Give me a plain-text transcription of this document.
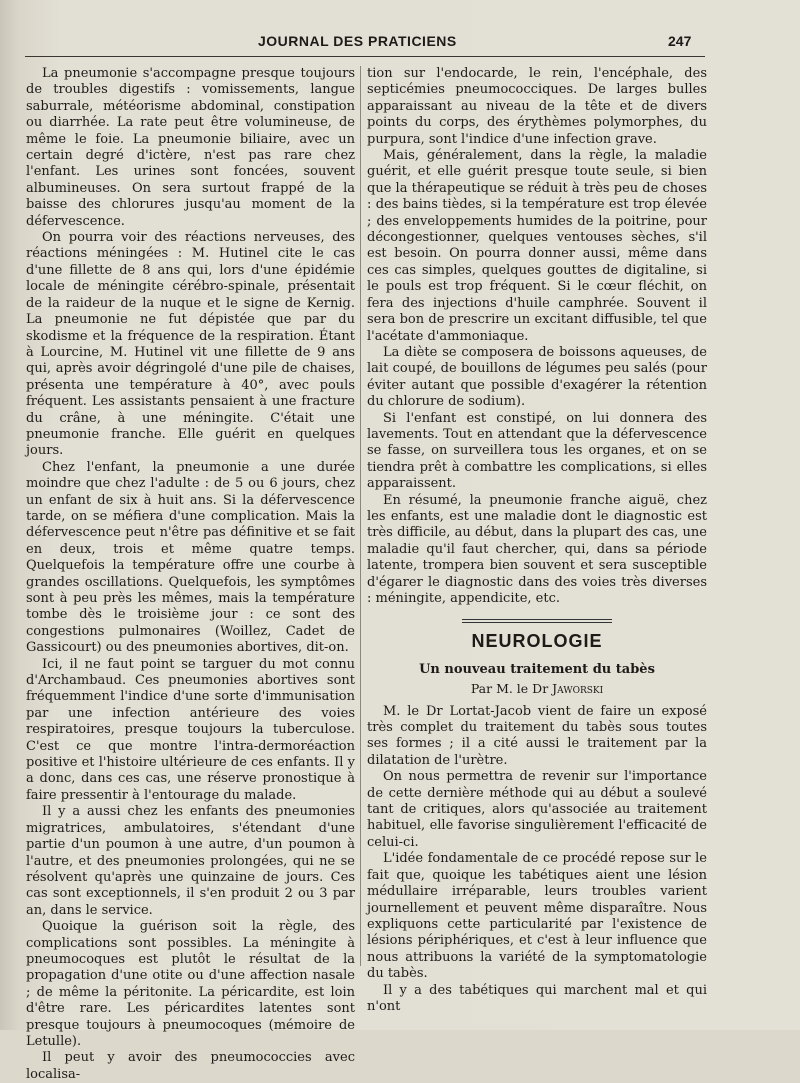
JOURNAL DES PRATICIENS	247

La pneumonie s'accompagne presque toujours de troubles digestifs : vomissements, langue saburrale, météorisme abdominal, constipation ou diarrhée. La rate peut être volumineuse, de même le foie. La pneumonie biliaire, avec un certain degré d'ictère, n'est pas rare chez l'enfant. Les urines sont foncées, souvent albumineuses. On sera surtout frappé de la baisse des chlorures jusqu'au moment de la défervescence.

On pourra voir des réactions nerveuses, des réactions méningées : M. Hutinel cite le cas d'une fillette de 8 ans qui, lors d'une épidémie locale de méningite cérébro-spinale, présentait de la raideur de la nuque et le signe de Kernig. La pneumonie ne fut dépistée que par du skodisme et la fréquence de la respiration. Étant à Lourcine, M. Hutinel vit une fillette de 9 ans qui, après avoir dégringolé d'une pile de chaises, présenta une température à 40°, avec pouls fréquent. Les assistants pensaient à une fracture du crâne, à une méningite. C'était une pneumonie franche. Elle guérit en quelques jours.

Chez l'enfant, la pneumonie a une durée moindre que chez l'adulte : de 5 ou 6 jours, chez un enfant de six à huit ans. Si la défervescence tarde, on se méfiera d'une complication. Mais la défervescence peut n'être pas définitive et se fait en deux, trois et même quatre temps. Quelquefois la température offre une courbe à grandes oscillations. Quelquefois, les symptômes sont à peu près les mêmes, mais la température tombe dès le troisième jour : ce sont des congestions pulmonaires (Woillez, Cadet de Gassicourt) ou des pneumonies abortives, dit-on.

Ici, il ne faut point se targuer du mot connu d'Archambaud. Ces pneumonies abortives sont fréquemment l'indice d'une sorte d'immunisation par une infection antérieure des voies respiratoires, presque toujours la tuberculose. C'est ce que montre l'intra-dermoréaction positive et l'histoire ultérieure de ces enfants. Il y a donc, dans ces cas, une réserve pronostique à faire pressentir à l'entourage du malade.

Il y a aussi chez les enfants des pneumonies migratrices, ambulatoires, s'étendant d'une partie d'un poumon à une autre, d'un poumon à l'autre, et des pneumonies prolongées, qui ne se résolvent qu'après une quinzaine de jours. Ces cas sont exceptionnels, il s'en produit 2 ou 3 par an, dans le service.

Quoique la guérison soit la règle, des complications sont possibles. La méningite à pneumocoques est plutôt le résultat de la propagation d'une otite ou d'une affection nasale ; de même la péritonite. La péricardite, est loin d'être rare. Les péricardites latentes sont presque toujours à pneumocoques (mémoire de Letulle).

Il peut y avoir des pneumococcies avec localisa-

tion sur l'endocarde, le rein, l'encéphale, des septicémies pneumococciques. De larges bulles apparaissant au niveau de la tête et de divers points du corps, des érythèmes polymorphes, du purpura, sont l'indice d'une infection grave.

Mais, généralement, dans la règle, la maladie guérit, et elle guérit presque toute seule, si bien que la thérapeutique se réduit à très peu de choses : des bains tièdes, si la température est trop élevée ; des enveloppements humides de la poitrine, pour décongestionner, quelques ventouses sèches, s'il est besoin. On pourra donner aussi, même dans ces cas simples, quelques gouttes de digitaline, si le pouls est trop fréquent. Si le cœur fléchit, on fera des injections d'huile camphrée. Souvent il sera bon de prescrire un excitant diffusible, tel que l'acétate d'ammoniaque.

La diète se composera de boissons aqueuses, de lait coupé, de bouillons de légumes peu salés (pour éviter autant que possible d'exagérer la rétention du chlorure de sodium).

Si l'enfant est constipé, on lui donnera des lavements. Tout en attendant que la défervescence se fasse, on surveillera tous les organes, et on se tiendra prêt à combattre les complications, si elles apparaissent.

En résumé, la pneumonie franche aiguë, chez les enfants, est une maladie dont le diagnostic est très difficile, au début, dans la plupart des cas, une maladie qu'il faut chercher, qui, dans sa période latente, trompera bien souvent et sera susceptible d'égarer le diagnostic dans des voies très diverses : méningite, appendicite, etc.

NEUROLOGIE
Un nouveau traitement du tabès
Par M. le Dr Jaworski

M. le Dr Lortat-Jacob vient de faire un exposé très complet du traitement du tabès sous toutes ses formes ; il a cité aussi le traitement par la dilatation de l'urètre.

On nous permettra de revenir sur l'importance de cette dernière méthode qui au début a soulevé tant de critiques, alors qu'associée au traitement habituel, elle favorise singulièrement l'efficacité de celui-ci.

L'idée fondamentale de ce procédé repose sur le fait que, quoique les tabétiques aient une lésion médullaire irréparable, leurs troubles varient journellement et peuvent même disparaître. Nous expliquons cette particularité par l'existence de lésions périphériques, et c'est à leur influence que nous attribuons la variété de la symptomatologie du tabès.

Il y a des tabétiques qui marchent mal et qui n'ont
